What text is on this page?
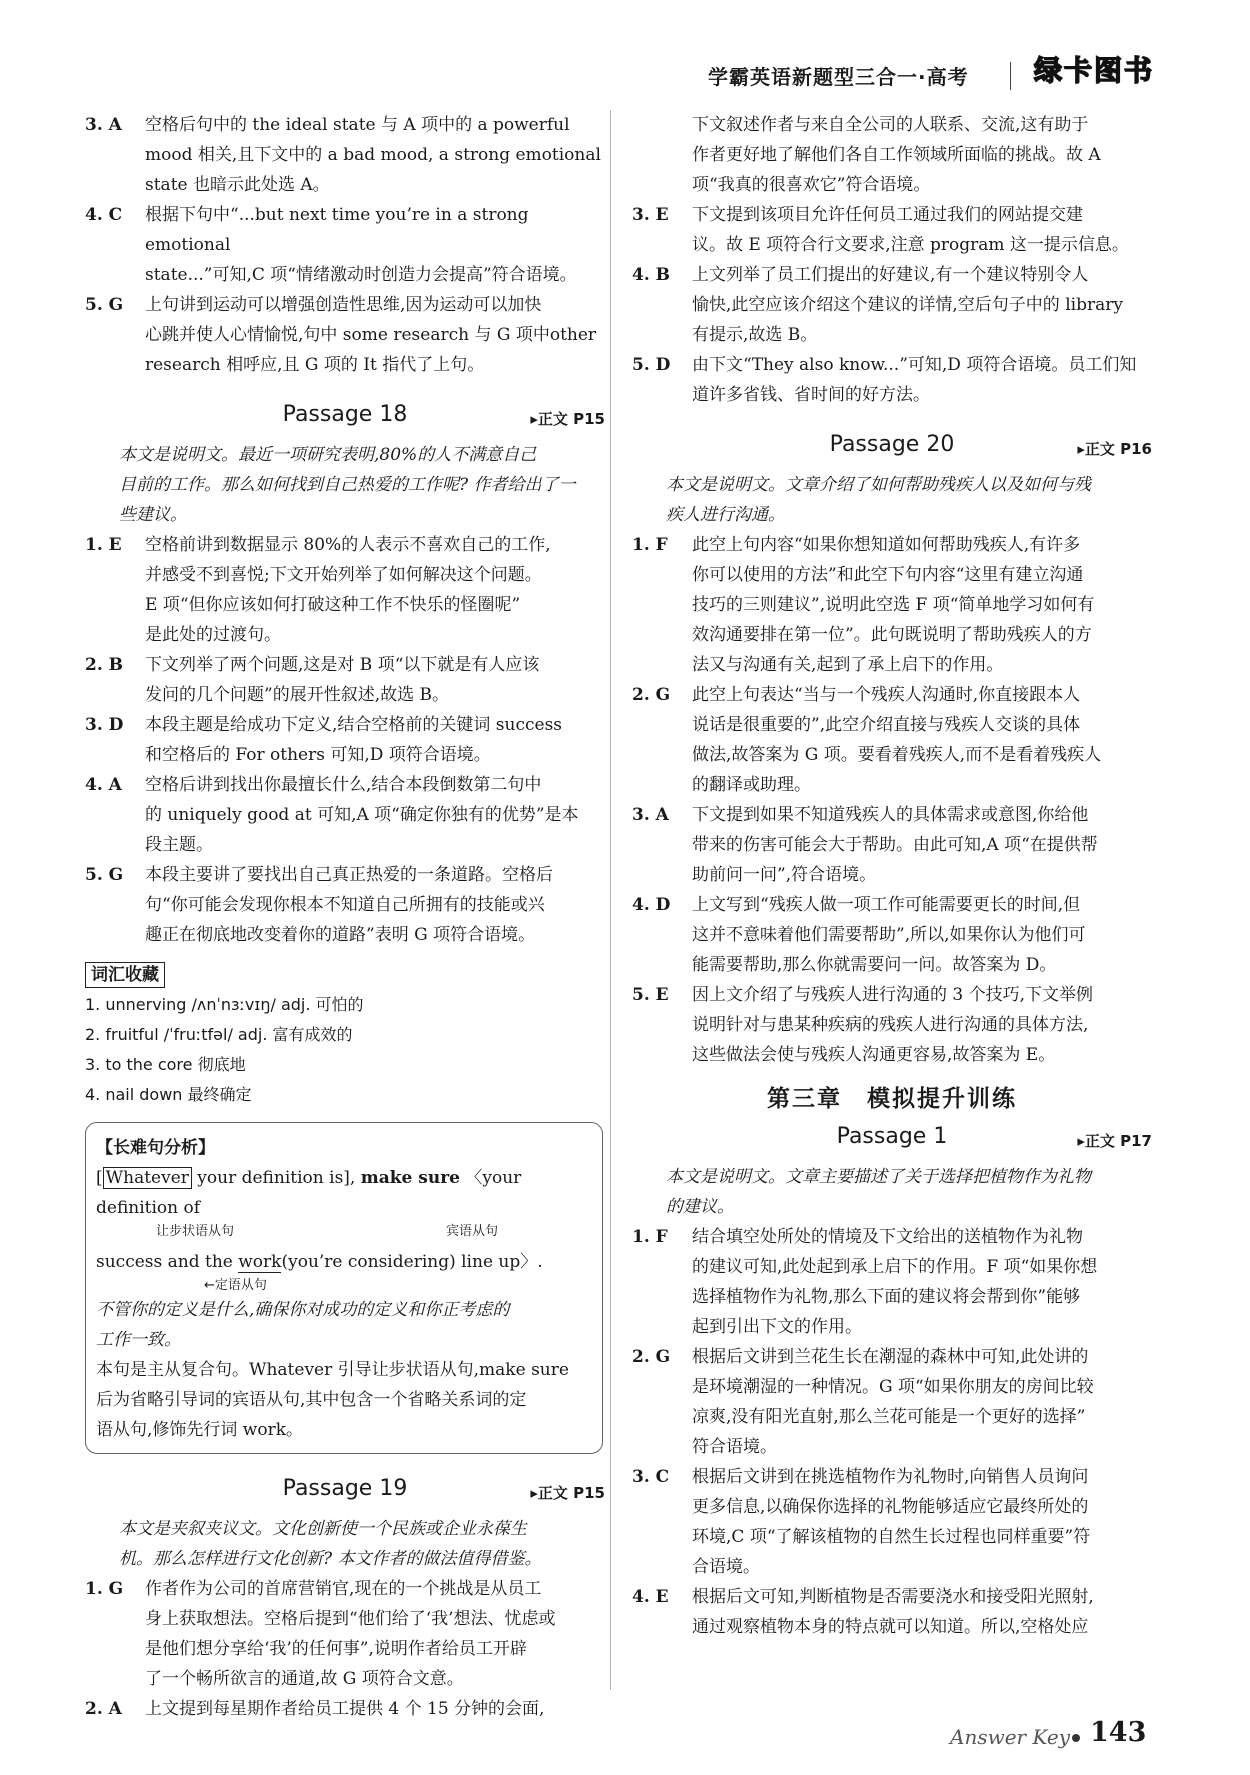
学霸英语新题型三合一·高考 绿卡图书
3. A	空格后句中的 the ideal state 与 A 项中的 a powerful
mood 相关,且下文中的 a bad mood, a strong emotional
state 也暗示此处选 A。
4. C	根据下句中“...but next time you’re in a strong emotional
state...”可知,C 项“情绪激动时创造力会提高”符合语境。
5. G	上句讲到运动可以增强创造性思维,因为运动可以加快
心跳并使人心情愉悦,句中 some research 与 G 项中other
research 相呼应,且 G 项的 It 指代了上句。
Passage 18	▸正文 P15
本文是说明文。最近一项研究表明,80%的人不满意自己
目前的工作。那么如何找到自己热爱的工作呢? 作者给出了一
些建议。
1. E	空格前讲到数据显示 80%的人表示不喜欢自己的工作,
并感受不到喜悦;下文开始列举了如何解决这个问题。
E 项“但你应该如何打破这种工作不快乐的怪圈呢”
是此处的过渡句。
2. B	下文列举了两个问题,这是对 B 项“以下就是有人应该
发问的几个问题”的展开性叙述,故选 B。
3. D	本段主题是给成功下定义,结合空格前的关键词 success
和空格后的 For others 可知,D 项符合语境。
4. A	空格后讲到找出你最擅长什么,结合本段倒数第二句中
的 uniquely good at 可知,A 项“确定你独有的优势”是本
段主题。
5. G	本段主要讲了要找出自己真正热爱的一条道路。空格后
句“你可能会发现你根本不知道自己所拥有的技能或兴
趣正在彻底地改变着你的道路”表明 G 项符合语境。
词汇收藏
1. unnerving /ʌnˈnɜːvɪŋ/ adj. 可怕的
2. fruitful /ˈfruːtfəl/ adj. 富有成效的
3. to the core 彻底地
4. nail down 最终确定
【长难句分析】
[ Whatever your definition is], make sure 〈your definition of
让步状语从句	宾语从句
success and the work(you’re considering) line up〉.
←定语从句
不管你的定义是什么,确保你对成功的定义和你正考虑的
工作一致。
本句是主从复合句。Whatever 引导让步状语从句,make sure
后为省略引导词的宾语从句,其中包含一个省略关系词的定
语从句,修饰先行词 work。
Passage 19	▸正文 P15
本文是夹叙夹议文。文化创新使一个民族或企业永葆生
机。那么怎样进行文化创新? 本文作者的做法值得借鉴。
1. G	作者作为公司的首席营销官,现在的一个挑战是从员工
身上获取想法。空格后提到“他们给了‘我’想法、忧虑或
是他们想分享给‘我’的任何事”,说明作者给员工开辟
了一个畅所欲言的通道,故 G 项符合文意。
2. A	上文提到每星期作者给员工提供 4 个 15 分钟的会面,
下文叙述作者与来自全公司的人联系、交流,这有助于
作者更好地了解他们各自工作领域所面临的挑战。故 A
项“我真的很喜欢它”符合语境。
3. E	下文提到该项目允许任何员工通过我们的网站提交建
议。故 E 项符合行文要求,注意 program 这一提示信息。
4. B	上文列举了员工们提出的好建议,有一个建议特别令人
愉快,此空应该介绍这个建议的详情,空后句子中的 library
有提示,故选 B。
5. D	由下文“They also know...”可知,D 项符合语境。员工们知
道许多省钱、省时间的好方法。
Passage 20	▸正文 P16
本文是说明文。文章介绍了如何帮助残疾人以及如何与残
疾人进行沟通。
1. F	此空上句内容“如果你想知道如何帮助残疾人,有许多
你可以使用的方法”和此空下句内容“这里有建立沟通
技巧的三则建议”,说明此空选 F 项“简单地学习如何有
效沟通要排在第一位”。此句既说明了帮助残疾人的方
法又与沟通有关,起到了承上启下的作用。
2. G	此空上句表达“当与一个残疾人沟通时,你直接跟本人
说话是很重要的”,此空介绍直接与残疾人交谈的具体
做法,故答案为 G 项。要看着残疾人,而不是看着残疾人
的翻译或助理。
3. A	下文提到如果不知道残疾人的具体需求或意图,你给他
带来的伤害可能会大于帮助。由此可知,A 项“在提供帮
助前问一问”,符合语境。
4. D	上文写到“残疾人做一项工作可能需要更长的时间,但
这并不意味着他们需要帮助”,所以,如果你认为他们可
能需要帮助,那么你就需要问一问。故答案为 D。
5. E	因上文介绍了与残疾人进行沟通的 3 个技巧,下文举例
说明针对与患某种疾病的残疾人进行沟通的具体方法,
这些做法会使与残疾人沟通更容易,故答案为 E。
第三章　模拟提升训练
Passage 1	▸正文 P17
本文是说明文。文章主要描述了关于选择把植物作为礼物
的建议。
1. F	结合填空处所处的情境及下文给出的送植物作为礼物
的建议可知,此处起到承上启下的作用。F 项“如果你想
选择植物作为礼物,那么下面的建议将会帮到你”能够
起到引出下文的作用。
2. G	根据后文讲到兰花生长在潮湿的森林中可知,此处讲的
是环境潮湿的一种情况。G 项“如果你朋友的房间比较
凉爽,没有阳光直射,那么兰花可能是一个更好的选择”
符合语境。
3. C	根据后文讲到在挑选植物作为礼物时,向销售人员询问
更多信息,以确保你选择的礼物能够适应它最终所处的
环境,C 项“了解该植物的自然生长过程也同样重要”符
合语境。
4. E	根据后文可知,判断植物是否需要浇水和接受阳光照射,
通过观察植物本身的特点就可以知道。所以,空格处应
Answer Key 143
